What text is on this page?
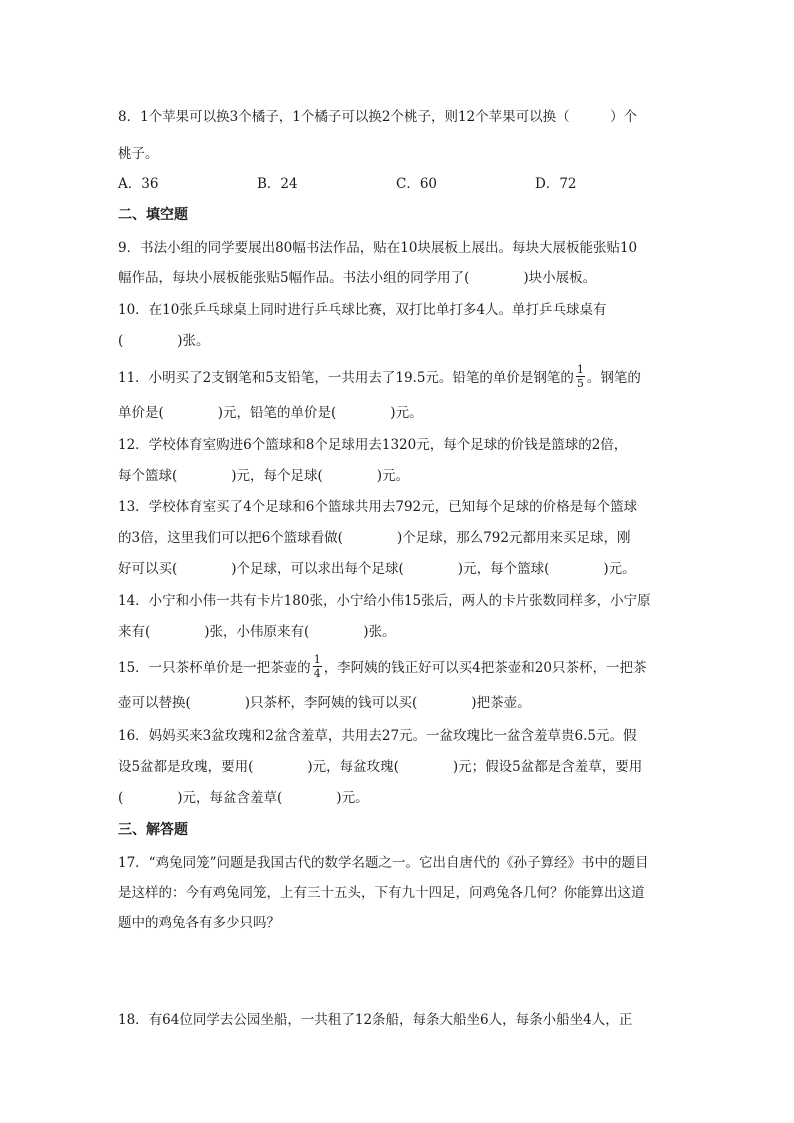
8．1个苹果可以换3个橘子，1个橘子可以换2个桃子，则12个苹果可以换（　　　）个
桃子。
A．36	B．24	C．60	D．72
二、填空题
9．书法小组的同学要展出80幅书法作品，贴在10块展板上展出。每块大展板能张贴10
幅作品，每块小展板能张贴5幅作品。书法小组的同学用了(　　　　)块小展板。
10．在10张乒乓球桌上同时进行乒乓球比赛，双打比单打多4人。单打乒乓球桌有
(　　　　)张。
11．小明买了2支钢笔和5支铅笔，一共用去了19.5元。铅笔的单价是钢笔的 $\frac{1}{5}$ 。钢笔的
单价是(　　　　)元，铅笔的单价是(　　　　)元。
12．学校体育室购进6个篮球和8个足球用去1320元，每个足球的价钱是篮球的2倍，
每个篮球(　　　　)元，每个足球(　　　　)元。
13．学校体育室买了4个足球和6个篮球共用去792元，已知每个足球的价格是每个篮球
的3倍，这里我们可以把6个篮球看做(　　　　)个足球，那么792元都用来买足球，刚
好可以买(　　　　)个足球，可以求出每个足球(　　　　)元，每个篮球(　　　　)元。
14．小宁和小伟一共有卡片180张，小宁给小伟15张后，两人的卡片张数同样多，小宁原
来有(　　　　)张，小伟原来有(　　　　)张。
15．一只茶杯单价是一把茶壶的 $\frac{1}{4}$ ，李阿姨的钱正好可以买4把茶壶和20只茶杯，一把茶
壶可以替换(　　　　)只茶杯，李阿姨的钱可以买(　　　　)把茶壶。
16．妈妈买来3盆玫瑰和2盆含羞草，共用去27元。一盆玫瑰比一盆含羞草贵6.5元。假
设5盆都是玫瑰，要用(　　　　)元，每盆玫瑰(　　　　)元；假设5盆都是含羞草，要用
(　　　　)元，每盆含羞草(　　　　)元。
三、解答题
17．“鸡兔同笼”问题是我国古代的数学名题之一。它出自唐代的《孙子算经》书中的题目
是这样的：今有鸡兔同笼，上有三十五头，下有九十四足，问鸡兔各几何？你能算出这道
题中的鸡兔各有多少只吗？
18．有64位同学去公园坐船，一共租了12条船，每条大船坐6人，每条小船坐4人，正
